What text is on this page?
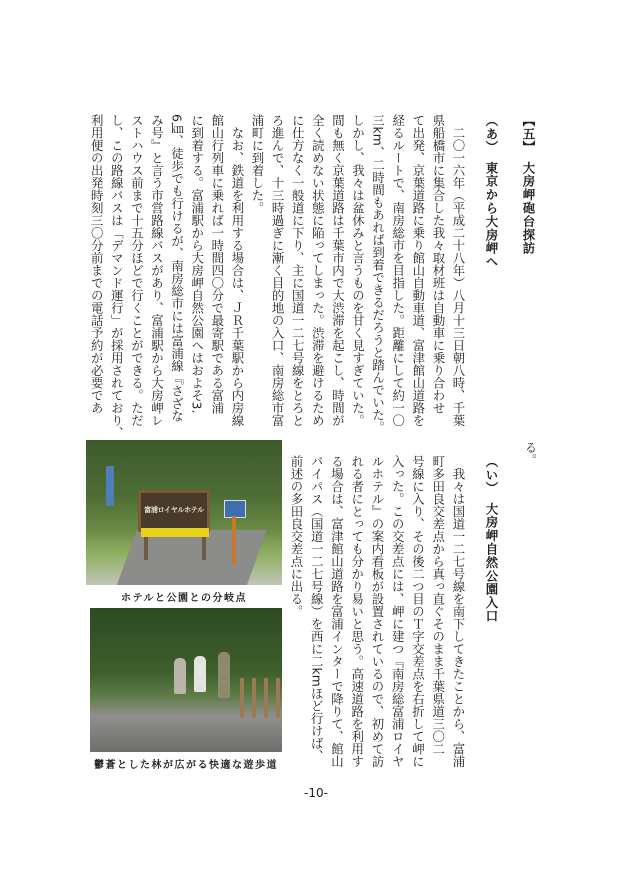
【五】　大房岬砲台探訪
（あ）　東京から大房岬へ
　二〇一六年（平成二十八年）八月十三日朝八時、千葉
県船橋市に集合した我々取材班は自動車に乗り合わせ
て出発、京葉道路に乗り館山自動車道、富津館山道路を
経るルートで、南房総市を目指した。距離にして約一〇
三km、二時間もあれば到着できるだろうと踏んでいた。
しかし、我々は盆休みと言うものを甘く見すぎていた。
間も無く京葉道路は千葉市内で大渋滞を起こし、時間が
全く読めない状態に陥ってしまった。渋滞を避けるため
に仕方なく一般道に下り、主に国道一二七号線をとろと
ろ進んで、十三時過ぎに漸く目的地の入口、南房総市富
浦町に到着した。
　なお、鉄道を利用する場合は、ＪＲ千葉駅から内房線
館山行列車に乗れば一時間四〇分で最寄駅である富浦
に到着する。富浦駅から大房岬自然公園へはおよそ3.
6㎞、徒歩でも行けるが、南房総市には富浦線『さざな
み号』と言う市営路線バスがあり、富浦駅から大房岬レ
ストハウス前まで十五分ほどで行くことができる。ただ
し、この路線バスは「デマンド運行」が採用されており、
利用便の出発時刻三〇分前までの電話予約が必要であ
る。
（い）　大房岬自然公園入口
　我々は国道一二七号線を南下してきたことから、富浦
町多田良交差点から真っ直ぐそのまま千葉県道三〇二
号線に入り、その後二つ目のＴ字交差点を右折して岬に
入った。この交差点には、岬に建つ『南房総富浦ロイヤ
ルホテル』の案内看板が設置されているので、初めて訪
れる者にとっても分かり易いと思う。高速道路を利用す
る場合は、富津館山道路を富浦インターで降りて、館山
バイパス（国道一二七号線）を西に二kmほど行けば、
前述の多田良交差点に出る。
富浦ロイヤルホテル
ホテルと公園との分岐点
鬱蒼とした林が広がる快適な遊歩道
-10-
